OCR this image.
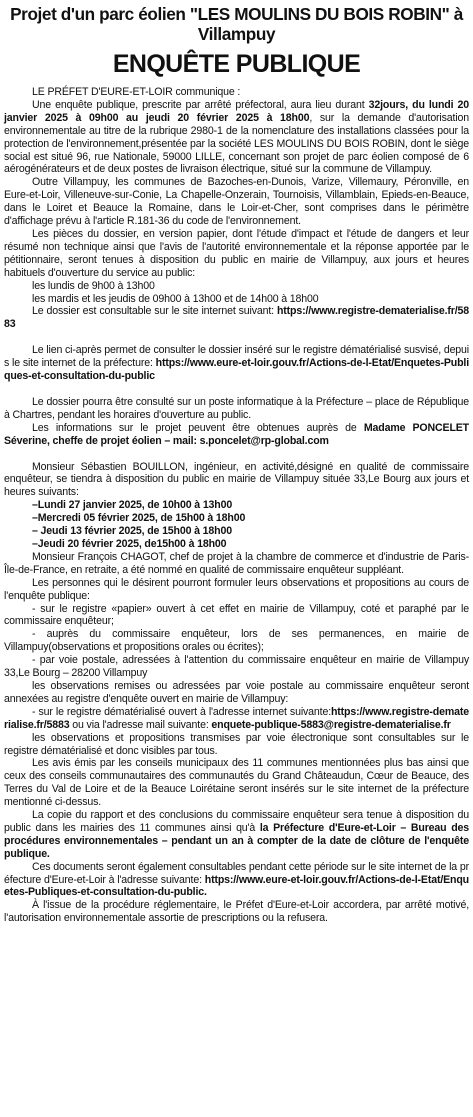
Projet d'un parc éolien "LES MOULINS DU BOIS ROBIN" à Villampuy
ENQUÊTE PUBLIQUE

LE PRÉFET D'EURE-ET-LOIR communique :

Une enquête publique, prescrite par arrêté préfectoral, aura lieu durant 32jours, du lundi 20 janvier 2025 à 09h00 au jeudi 20 février 2025 à 18h00, sur la demande d'autorisation environnementale au titre de la rubrique 2980-1 de la nomenclature des installations classées pour la protection de l'environnement,présentée par la société LES MOULINS DU BOIS ROBIN, dont le siège social est situé 96, rue Nationale, 59000 LILLE, concernant son projet de parc éolien composé de 6 aérogénérateurs et de deux postes de livraison électrique, situé sur la commune de Villampuy.

Outre Villampuy, les communes de Bazoches-en-Dunois, Varize, Villemaury, Péronville, en Eure-et-Loir, Villeneuve-sur-Conie, La Chapelle-Onzerain, Tournoisis, Villamblain, Epieds-en-Beauce, dans le Loiret et Beauce la Romaine, dans le Loir-et-Cher, sont comprises dans le périmètre d'affichage prévu à l'article R.181-36 du code de l'environnement.

Les pièces du dossier, en version papier, dont l'étude d'impact et l'étude de dangers et leur résumé non technique ainsi que l'avis de l'autorité environnementale et la réponse apportée par le pétitionnaire, seront tenues à disposition du public en mairie de Villampuy, aux jours et heures habituels d'ouverture du service au public:

les lundis de 9h00 à 13h00

les mardis et les jeudis de 09h00 à 13h00 et de 14h00 à 18h00

Le dossier est consultable sur le site internet suivant: https://www.registre-dematerialise.fr/5883

Le lien ci-après permet de consulter le dossier inséré sur le registre dématérialisé susvisé, depuis le site internet de la préfecture: https://www.eure-et-loir.gouv.fr/Actions-de-l-Etat/Enquetes-Publiques-et-consultation-du-public

Le dossier pourra être consulté sur un poste informatique à la Préfecture – place de République à Chartres, pendant les horaires d'ouverture au public.

Les informations sur le projet peuvent être obtenues auprès de Madame PONCELET Séverine, cheffe de projet éolien – mail: s.poncelet@rp-global.com

Monsieur Sébastien BOUILLON, ingénieur, en activité,désigné en qualité de commissaire enquêteur, se tiendra à disposition du public en mairie de Villampuy située 33,Le Bourg aux jours et heures suivants:

–Lundi 27 janvier 2025, de 10h00 à 13h00

–Mercredi 05 février 2025, de 15h00 à 18h00

– Jeudi 13 février 2025, de 15h00 à 18h00

–Jeudi 20 février 2025, de15h00 à 18h00

Monsieur François CHAGOT, chef de projet à la chambre de commerce et d'industrie de Paris- Île-de-France, en retraite, a été nommé en qualité de commissaire enquêteur suppléant.

Les personnes qui le désirent pourront formuler leurs observations et propositions au cours de l'enquête publique:

- sur le registre «papier» ouvert à cet effet en mairie de Villampuy, coté et paraphé par le commissaire enquêteur;

- auprès du commissaire enquêteur, lors de ses permanences, en mairie de Villampuy(observations et propositions orales ou écrites);

- par voie postale, adressées à l'attention du commissaire enquêteur en mairie de Villampuy 33,Le Bourg – 28200 Villampuy

les observations remises ou adressées par voie postale au commissaire enquêteur seront annexées au registre d'enquête ouvert en mairie de Villampuy:

- sur le registre dématérialisé ouvert à l'adresse internet suivante:https://www.registre-dematerialise.fr/5883 ou via l'adresse mail suivante: enquete-publique-5883@registre-dematerialise.fr

les observations et propositions transmises par voie électronique sont consultables sur le registre dématérialisé et donc visibles par tous.

Les avis émis par les conseils municipaux des 11 communes mentionnées plus bas ainsi que ceux des conseils communautaires des communautés du Grand Châteaudun, Cœur de Beauce, des Terres du Val de Loire et de la Beauce Loirétaine seront insérés sur le site internet de la préfecture mentionné ci-dessus.

La copie du rapport et des conclusions du commissaire enquêteur sera tenue à disposition du public dans les mairies des 11 communes ainsi qu'à la Préfecture d'Eure-et-Loir – Bureau des procédures environnementales – pendant un an à compter de la date de clôture de l'enquête publique.

Ces documents seront également consultables pendant cette période sur le site internet de la préfecture d'Eure-et-Loir à l'adresse suivante: https://www.eure-et-loir.gouv.fr/Actions-de-l-Etat/Enquetes-Publiques-et-consultation-du-public.

À l'issue de la procédure réglementaire, le Préfet d'Eure-et-Loir accordera, par arrêté motivé, l'autorisation environnementale assortie de prescriptions ou la refusera.
